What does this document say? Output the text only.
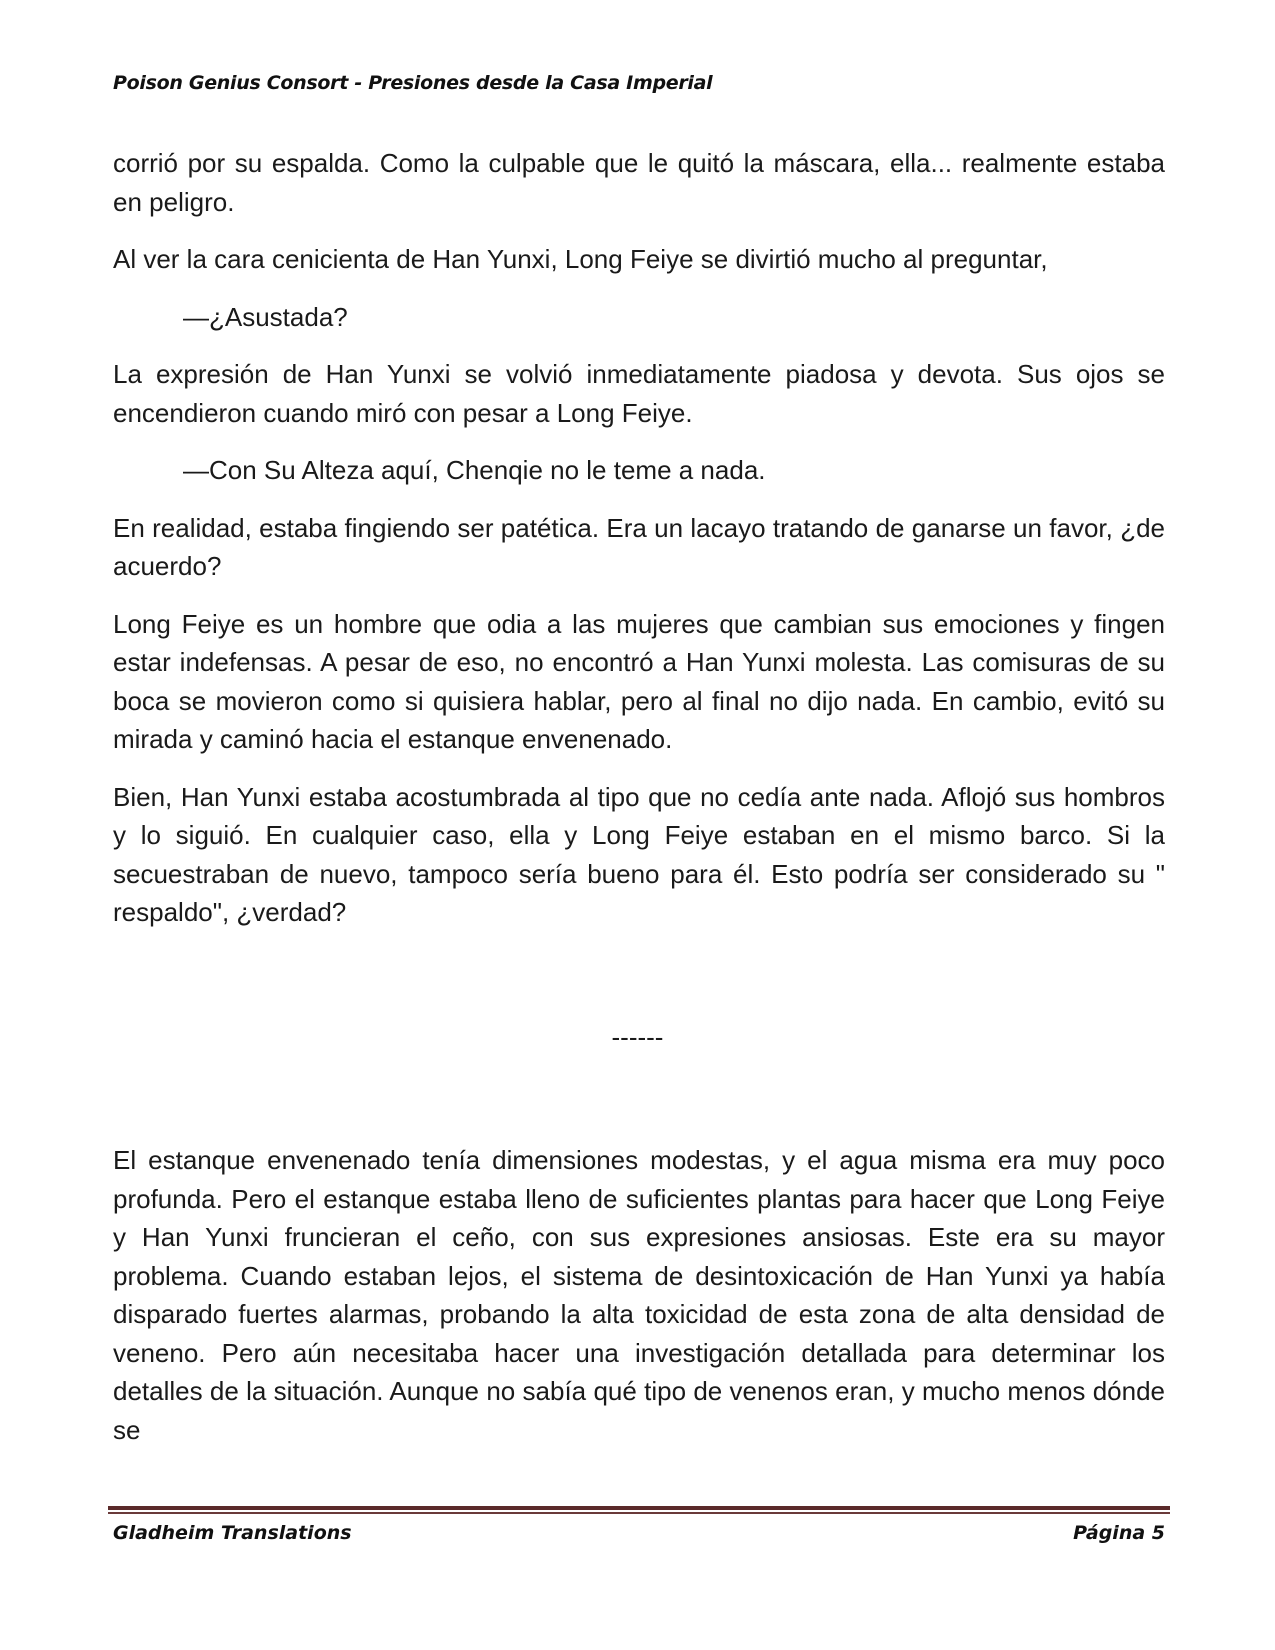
Poison Genius Consort - Presiones desde la Casa Imperial

corrió por su espalda. Como la culpable que le quitó la máscara, ella... realmente estaba en peligro.

Al ver la cara cenicienta de Han Yunxi, Long Feiye se divirtió mucho al preguntar,

—¿Asustada?

La expresión de Han Yunxi se volvió inmediatamente piadosa y devota. Sus ojos se encendieron cuando miró con pesar a Long Feiye.

—Con Su Alteza aquí, Chenqie no le teme a nada.

En realidad, estaba fingiendo ser patética. Era un lacayo tratando de ganarse un favor, ¿de acuerdo?

Long Feiye es un hombre que odia a las mujeres que cambian sus emociones y fingen estar indefensas. A pesar de eso, no encontró a Han Yunxi molesta. Las comisuras de su boca se movieron como si quisiera hablar, pero al final no dijo nada. En cambio, evitó su mirada y caminó hacia el estanque envenenado.

Bien, Han Yunxi estaba acostumbrada al tipo que no cedía ante nada. Aflojó sus hombros y lo siguió. En cualquier caso, ella y Long Feiye estaban en el mismo barco. Si la secuestraban de nuevo, tampoco sería bueno para él. Esto podría ser considerado su " respaldo", ¿verdad?

------

El estanque envenenado tenía dimensiones modestas, y el agua misma era muy poco profunda. Pero el estanque estaba lleno de suficientes plantas para hacer que Long Feiye y Han Yunxi fruncieran el ceño, con sus expresiones ansiosas. Este era su mayor problema. Cuando estaban lejos, el sistema de desintoxicación de Han Yunxi ya había disparado fuertes alarmas, probando la alta toxicidad de esta zona de alta densidad de veneno. Pero aún necesitaba hacer una investigación detallada para determinar los detalles de la situación. Aunque no sabía qué tipo de venenos eran, y mucho menos dónde se

Gladheim Translations	Página 5
